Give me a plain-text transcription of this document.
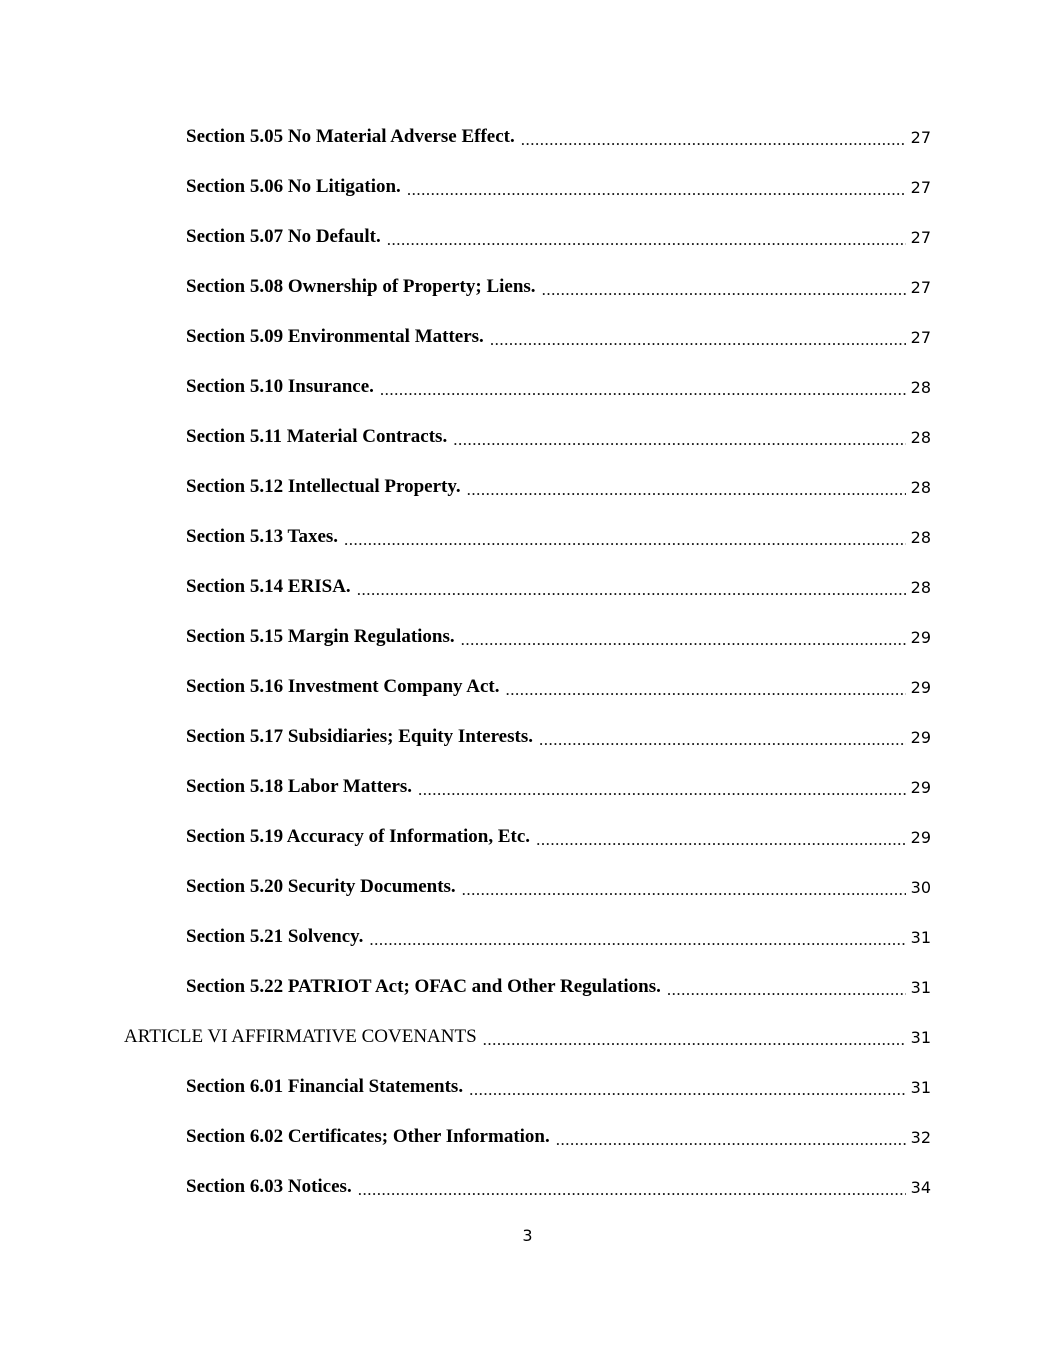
Section 5.05 No Material Adverse Effect. .....	27
Section 5.06 No Litigation. .....	27
Section 5.07 No Default. .....	27
Section 5.08 Ownership of Property; Liens. .....	27
Section 5.09 Environmental Matters. .....	27
Section 5.10 Insurance. .....	28
Section 5.11 Material Contracts. .....	28
Section 5.12 Intellectual Property. .....	28
Section 5.13 Taxes. .....	28
Section 5.14 ERISA. .....	28
Section 5.15 Margin Regulations. .....	29
Section 5.16 Investment Company Act. .....	29
Section 5.17 Subsidiaries; Equity Interests. .....	29
Section 5.18 Labor Matters. .....	29
Section 5.19 Accuracy of Information, Etc. .....	29
Section 5.20 Security Documents. .....	30
Section 5.21 Solvency. .....	31
Section 5.22 PATRIOT Act; OFAC and Other Regulations. .....	31
ARTICLE VI AFFIRMATIVE COVENANTS .....	31
Section 6.01 Financial Statements. .....	31
Section 6.02 Certificates; Other Information. .....	32
Section 6.03 Notices. .....	34
3
